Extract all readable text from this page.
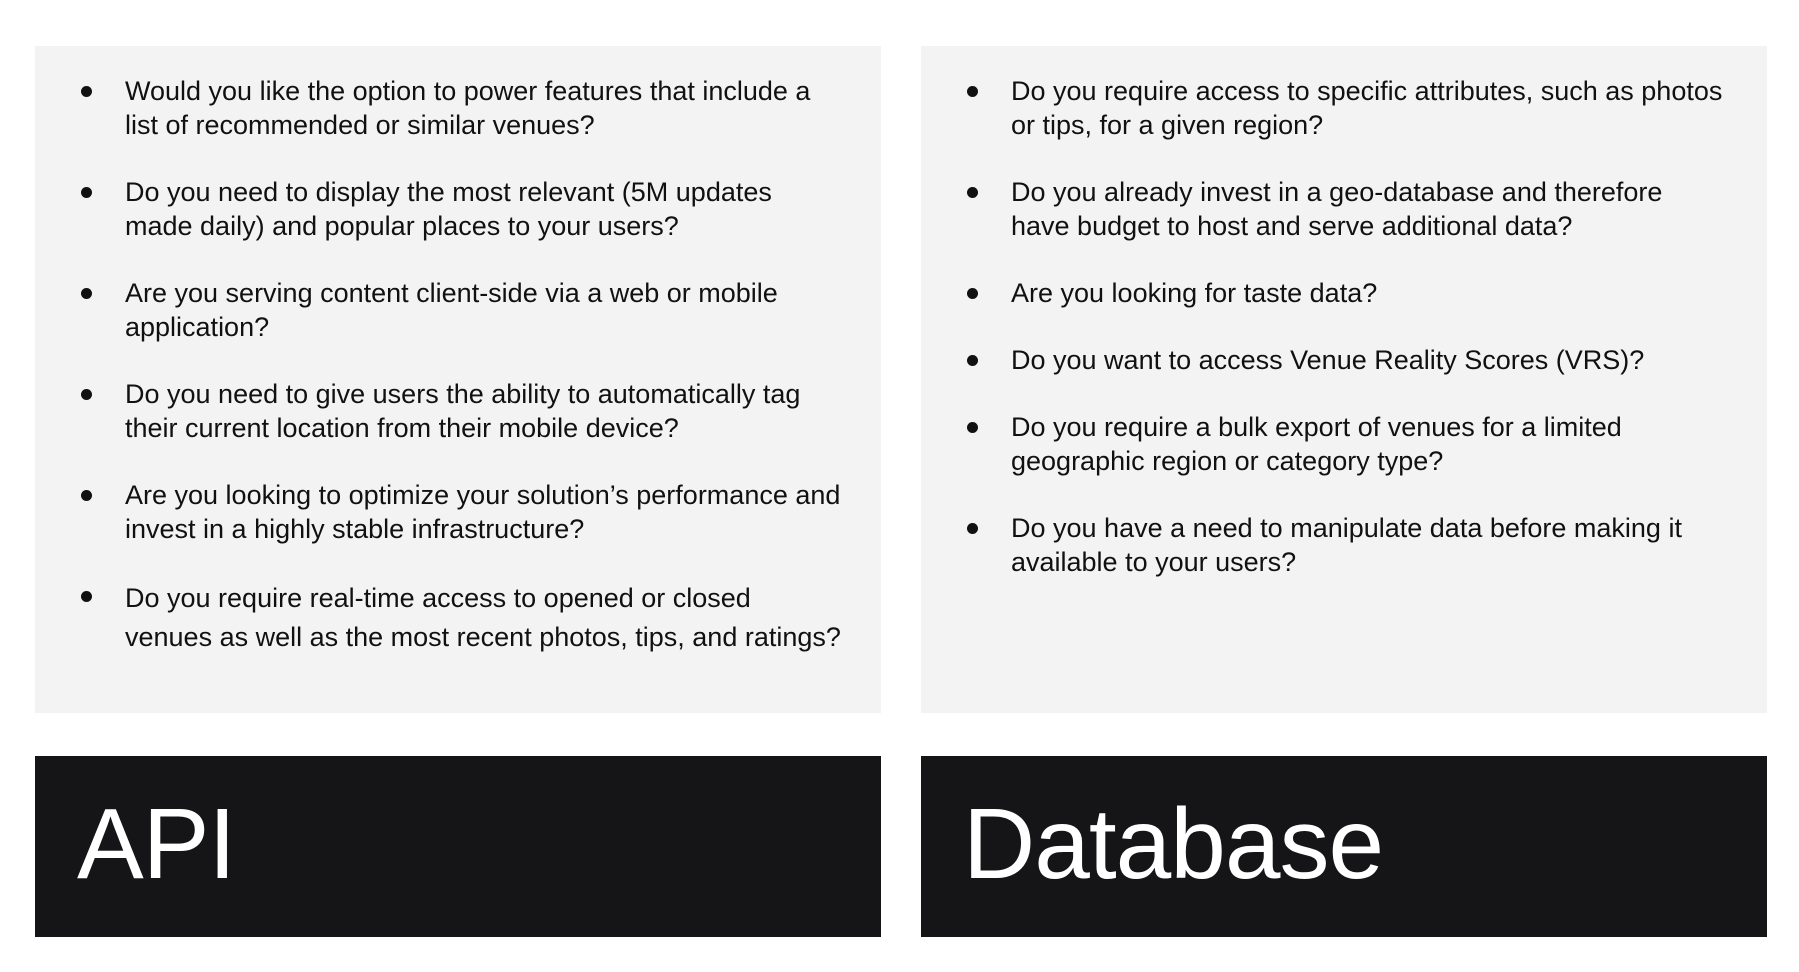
Would you like the option to power features that include a list of recommended or similar venues?
Do you need to display the most relevant (5M updates made daily) and popular places to your users?
Are you serving content client-side via a web or mobile application?
Do you need to give users the ability to automatically tag their current location from their mobile device?
Are you looking to optimize your solution’s performance and invest in a highly stable infrastructure?
Do you require real-time access to opened or closed venues as well as the most recent photos, tips, and ratings?
Do you require access to specific attributes, such as photos or tips, for a given region?
Do you already invest in a geo-database and therefore have budget to host and serve additional data?
Are you looking for taste data?
Do you want to access Venue Reality Scores (VRS)?
Do you require a bulk export of venues for a limited geographic region or category type?
Do you have a need to manipulate data before making it available to your users?
API	Database
